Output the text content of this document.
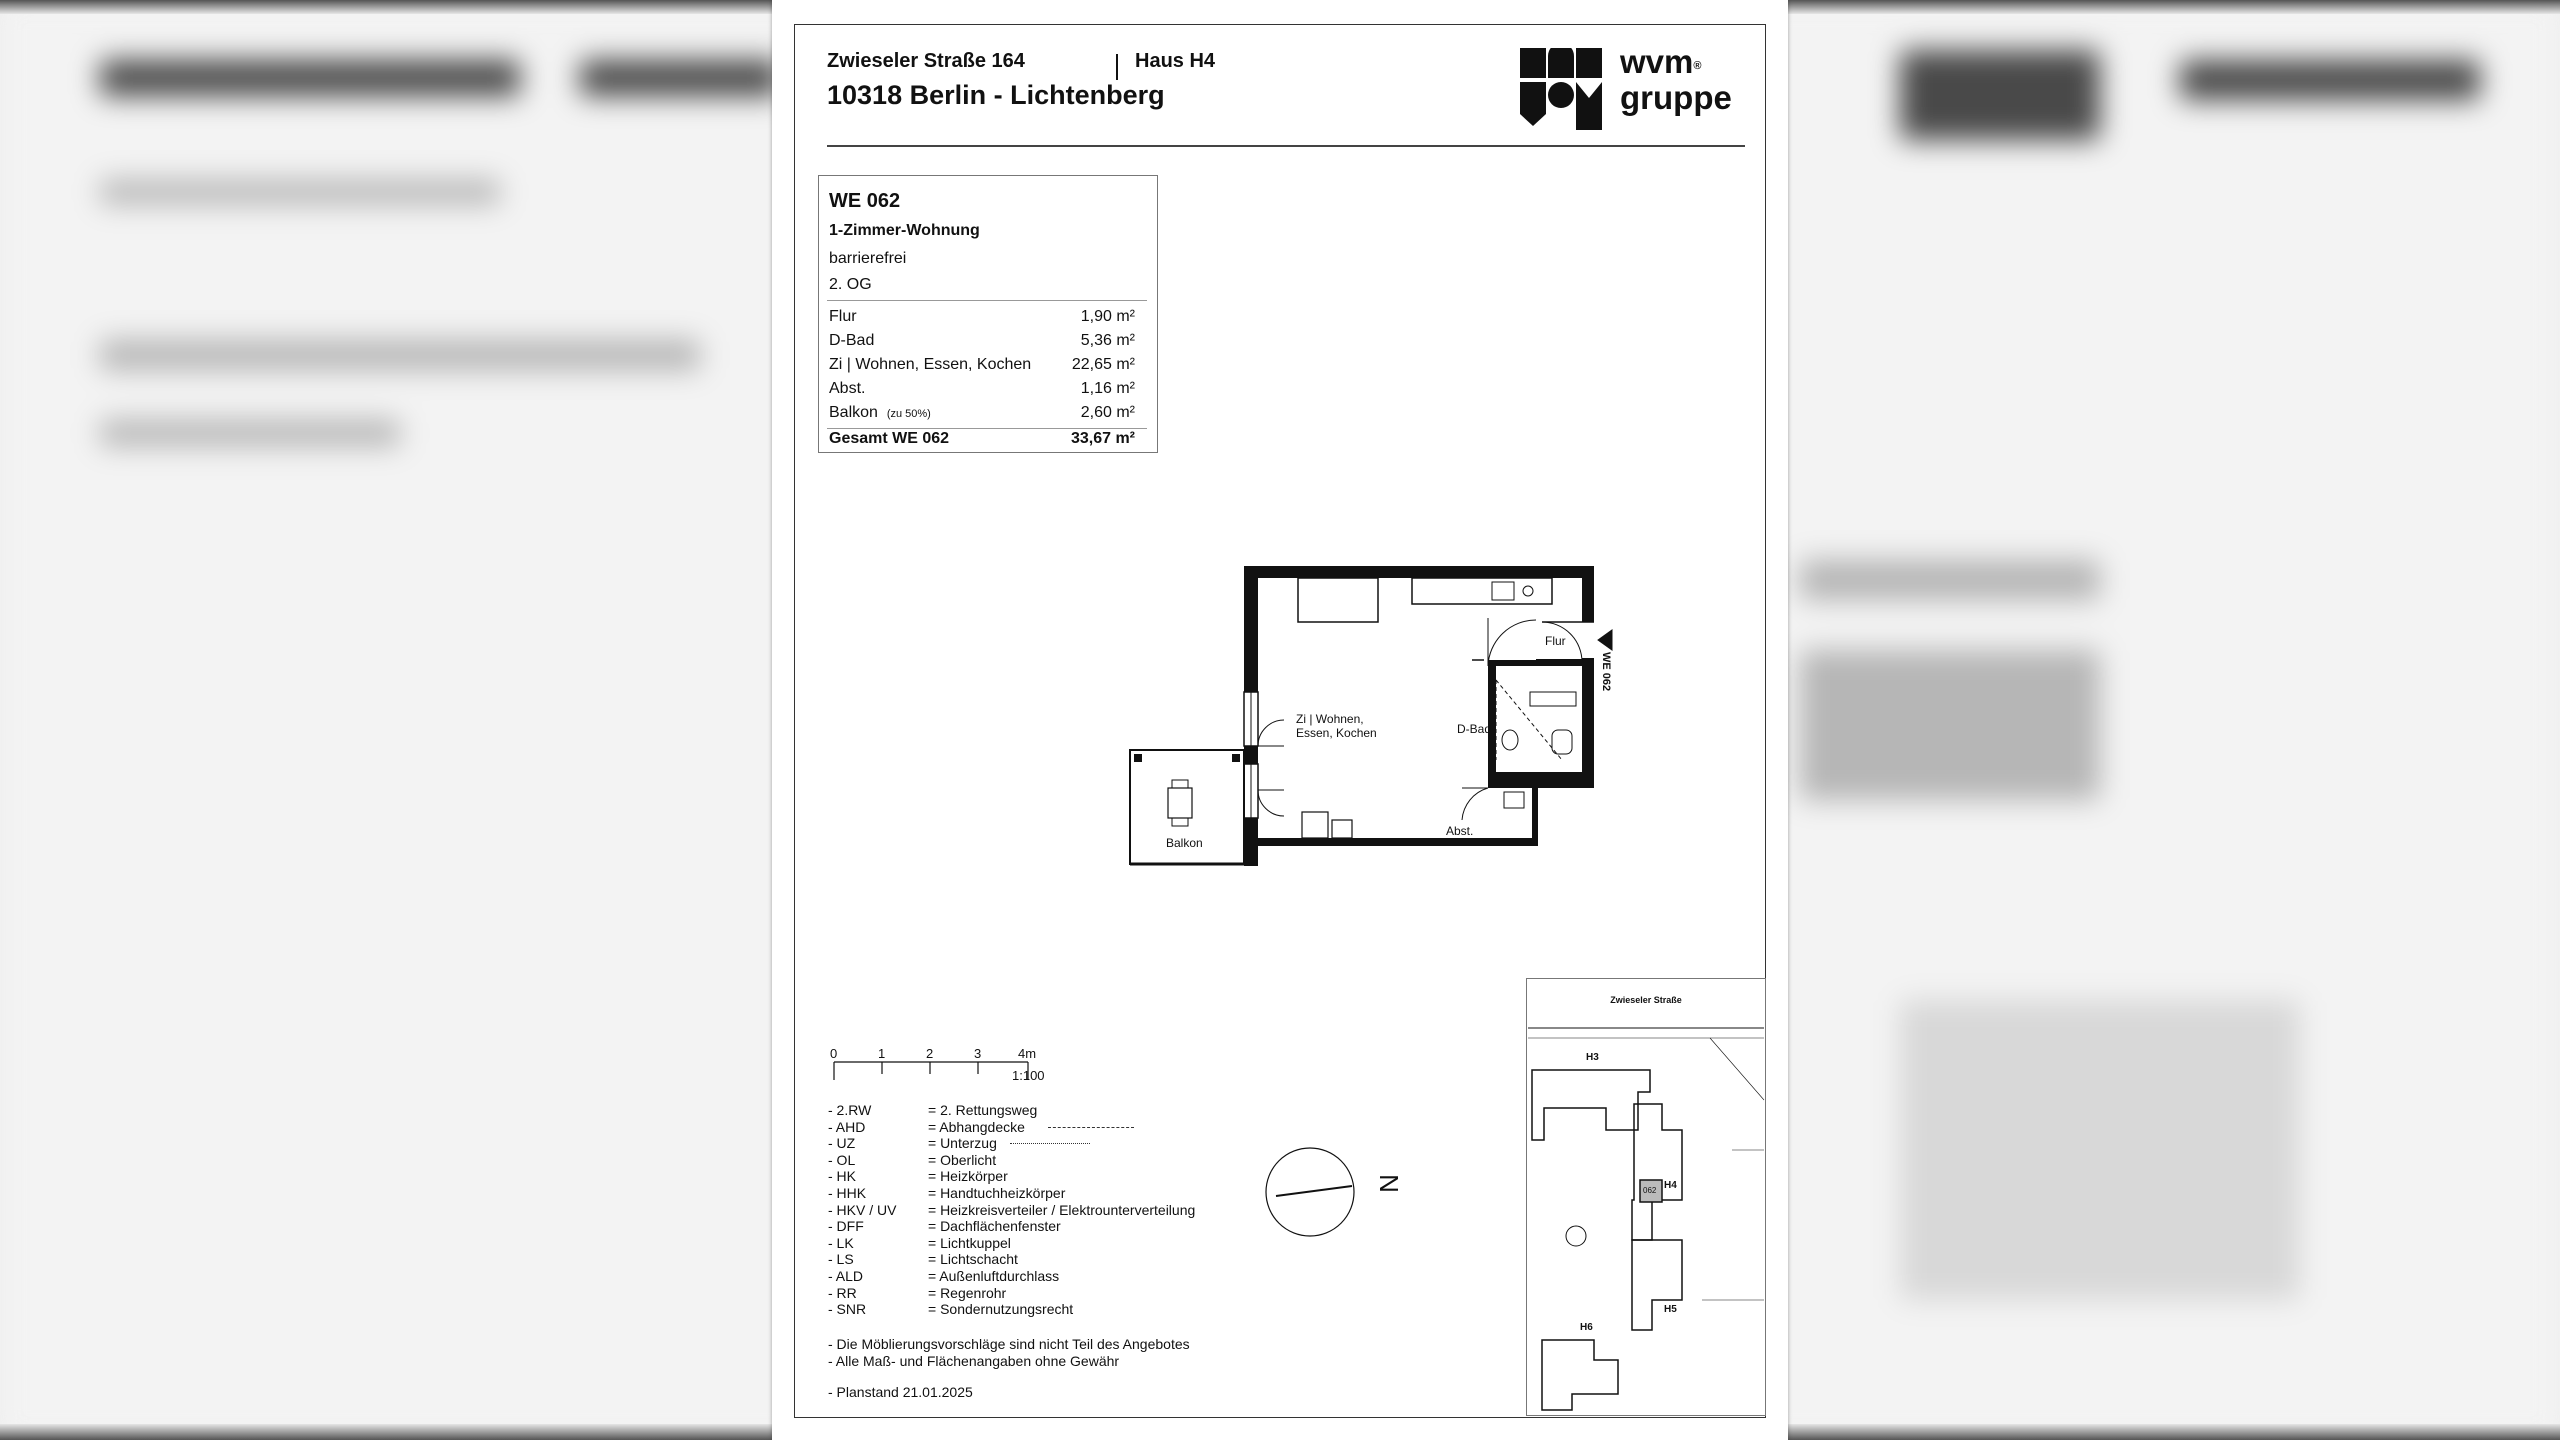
Zwieseler Straße 164	Haus H4
10318 Berlin - Lichtenberg
wvm®
gruppe
WE 062
1-Zimmer-Wohnung
barrierefrei
2. OG
Flur	1,90 m²
D-Bad	5,36 m²
Zi | Wohnen, Essen, Kochen	22,65 m²
Abst.	1,16 m²
Balkon (zu 50%)	2,60 m²
Gesamt WE 062	33,67 m²
Flur
WE 062
Zi | Wohnen,
Essen, Kochen	D-Bad
Abst.
Balkon
0	1	2	3	4m
1:100
- 2.RW	= 2. Rettungsweg
- AHD	= Abhangdecke
- UZ	= Unterzug
- OL	= Oberlicht
- HK	= Heizkörper
- HHK	= Handtuchheizkörper
- HKV / UV = Heizkreisverteiler / Elektrounterverteilung
- DFF	= Dachflächenfenster
- LK	= Lichtkuppel
- LS	= Lichtschacht
- ALD	= Außenluftdurchlass
- RR	= Regenrohr
- SNR	= Sondernutzungsrecht
- Die Möblierungsvorschläge sind nicht Teil des Angebotes
- Alle Maß- und Flächenangaben ohne Gewähr
- Planstand 21.01.2025
N
Zwieseler Straße
H3
H4
H5
H6
062
